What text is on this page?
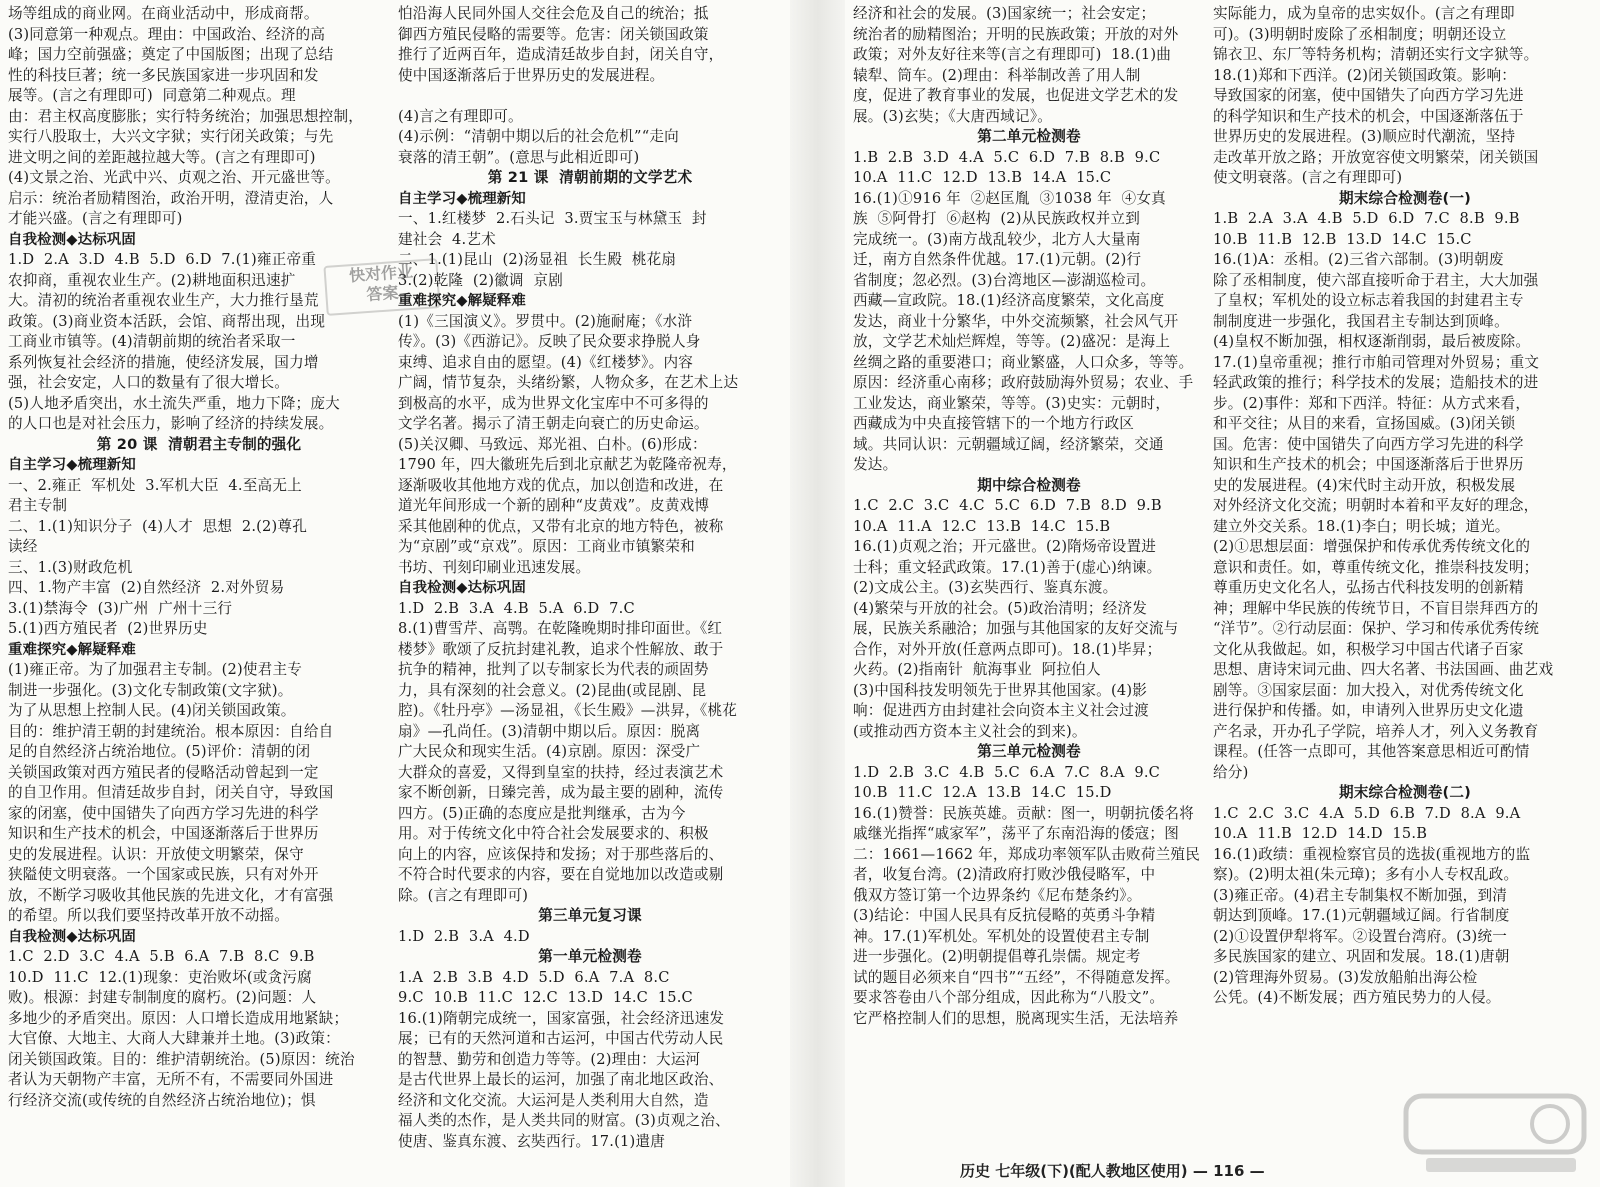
场等组成的商业网。在商业活动中，形成商帮。
(3)同意第一种观点。理由：中国政治、经济的高
峰；国力空前强盛；奠定了中国版图；出现了总结
性的科技巨著；统一多民族国家进一步巩固和发
展等。(言之有理即可)  同意第二种观点。理
由：君主权高度膨胀；实行特务统治；加强思想控制，
实行八股取士，大兴文字狱；实行闭关政策；与先
进文明之间的差距越拉越大等。(言之有理即可)
(4)文景之治、光武中兴、贞观之治、开元盛世等。
启示：统治者励精图治，政治开明，澄清吏治，人
才能兴盛。(言之有理即可)
自我检测◆达标巩固
1.D  2.A  3.D  4.B  5.D  6.D  7.(1)雍正帝重
农抑商，重视农业生产。(2)耕地面积迅速扩
大。清初的统治者重视农业生产，大力推行垦荒
政策。(3)商业资本活跃，会馆、商帮出现，出现
工商业市镇等。(4)清朝前期的统治者采取一
系列恢复社会经济的措施，使经济发展，国力增
强，社会安定，人口的数量有了很大增长。
(5)人地矛盾突出，水土流失严重，地力下降；庞大
的人口也是对社会压力，影响了经济的持续发展。
第 20 课  清朝君主专制的强化
自主学习◆梳理新知
一、2.雍正  军机处  3.军机大臣  4.至高无上
君主专制
二、1.(1)知识分子  (4)人才  思想  2.(2)尊孔
读经
三、1.(3)财政危机
四、1.物产丰富  (2)自然经济  2.对外贸易
3.(1)禁海令  (3)广州  广州十三行
5.(1)西方殖民者  (2)世界历史
重难探究◆解疑释难
(1)雍正帝。为了加强君主专制。(2)使君主专
制进一步强化。(3)文化专制政策(文字狱)。
为了从思想上控制人民。(4)闭关锁国政策。
目的：维护清王朝的封建统治。根本原因：自给自
足的自然经济占统治地位。(5)评价：清朝的闭
关锁国政策对西方殖民者的侵略活动曾起到一定
的自卫作用。但清廷故步自封，闭关自守，导致国
家的闭塞，使中国错失了向西方学习先进的科学
知识和生产技术的机会，中国逐渐落后于世界历
史的发展进程。认识：开放使文明繁荣，保守
狭隘使文明衰落。一个国家或民族，只有对外开
放，不断学习吸收其他民族的先进文化，才有富强
的希望。所以我们要坚持改革开放不动摇。
自我检测◆达标巩固
1.C  2.D  3.C  4.A  5.B  6.A  7.B  8.C  9.B
10.D  11.C  12.(1)现象：吏治败坏(或贪污腐
败)。根源：封建专制制度的腐朽。(2)问题：人
多地少的矛盾突出。原因：人口增长造成用地紧缺；
大官僚、大地主、大商人大肆兼并土地。(3)政策：
闭关锁国政策。目的：维护清朝统治。(5)原因：统治
者认为天朝物产丰富，无所不有，不需要同外国进
行经济交流(或传统的自然经济占统治地位)；惧
怕沿海人民同外国人交往会危及自己的统治；抵
御西方殖民侵略的需要等。危害：闭关锁国政策
推行了近两百年，造成清廷故步自封，闭关自守，
使中国逐渐落后于世界历史的发展进程。

(4)言之有理即可。
(4)示例：“清朝中期以后的社会危机”“走向
衰落的清王朝”。(意思与此相近即可)
第 21 课  清朝前期的文学艺术
自主学习◆梳理新知
一、1.红楼梦  2.石头记  3.贾宝玉与林黛玉  封
建社会  4.艺术
二、1.(1)昆山  (2)汤显祖  长生殿  桃花扇
3.(2)乾隆  (2)徽调  京剧
重难探究◆解疑释难
(1)《三国演义》。罗贯中。(2)施耐庵；《水浒
传》。(3)《西游记》。反映了民众要求挣脱人身
束缚、追求自由的愿望。(4)《红楼梦》。内容
广阔，情节复杂，头绪纷繁，人物众多，在艺术上达
到极高的水平，成为世界文化宝库中不可多得的
文学名著。揭示了清王朝走向衰亡的历史命运。
(5)关汉卿、马致远、郑光祖、白朴。(6)形成：
1790 年，四大徽班先后到北京献艺为乾隆帝祝寿，
逐渐吸收其他地方戏的优点，加以创造和改进，在
道光年间形成一个新的剧种“皮黄戏”。皮黄戏博
采其他剧种的优点，又带有北京的地方特色，被称
为“京剧”或“京戏”。原因：工商业市镇繁荣和
书坊、刊刻印刷业迅速发展。
自我检测◆达标巩固
1.D  2.B  3.A  4.B  5.A  6.D  7.C
8.(1)曹雪芹、高鹗。在乾隆晚期时排印面世。《红
楼梦》歌颂了反抗封建礼教，追求个性解放、敢于
抗争的精神，批判了以专制家长为代表的顽固势
力，具有深刻的社会意义。(2)昆曲(或昆剧、昆
腔)。《牡丹亭》—汤显祖，《长生殿》—洪昇，《桃花
扇》—孔尚任。(3)清朝中期以后。原因：脱离
广大民众和现实生活。(4)京剧。原因：深受广
大群众的喜爱，又得到皇室的扶持，经过表演艺术
家不断创新，日臻完善，成为最主要的剧种，流传
四方。(5)正确的态度应是批判继承，古为今
用。对于传统文化中符合社会发展要求的、积极
向上的内容，应该保持和发扬；对于那些落后的、
不符合时代要求的内容，要在自觉地加以改造或剔
除。(言之有理即可)
第三单元复习课
1.D  2.B  3.A  4.D
第一单元检测卷
1.A  2.B  3.B  4.D  5.D  6.A  7.A  8.C
9.C  10.B  11.C  12.C  13.D  14.C  15.C
16.(1)隋朝完成统一，国家富强，社会经济迅速发
展；已有的天然河道和古运河，中国古代劳动人民
的智慧、勤劳和创造力等等。(2)理由：大运河
是古代世界上最长的运河，加强了南北地区政治、
经济和文化交流。大运河是人类利用大自然，造
福人类的杰作，是人类共同的财富。(3)贞观之治、
使唐、鉴真东渡、玄奘西行。17.(1)遣唐
经济和社会的发展。(3)国家统一；社会安定；
统治者的励精图治；开明的民族政策；开放的对外
政策；对外友好往来等(言之有理即可)  18.(1)曲
辕犁、筒车。(2)理由：科举制改善了用人制
度，促进了教育事业的发展，也促进文学艺术的发
展。(3)玄奘；《大唐西域记》。
第二单元检测卷
1.B  2.B  3.D  4.A  5.C  6.D  7.B  8.B  9.C
10.A  11.C  12.D  13.B  14.A  15.C
16.(1)①916 年  ②赵匡胤  ③1038 年  ④女真
族  ⑤阿骨打  ⑥赵构  (2)从民族政权并立到
完成统一。(3)南方战乱较少，北方人大量南
迁，南方自然条件优越。17.(1)元朝。(2)行
省制度；忽必烈。(3)台湾地区—澎湖巡检司。
西藏—宣政院。18.(1)经济高度繁荣，文化高度
发达，商业十分繁华，中外交流频繁，社会风气开
放，文学艺术灿烂辉煌，等等。(2)盛况：是海上
丝绸之路的重要港口；商业繁盛，人口众多，等等。
原因：经济重心南移；政府鼓励海外贸易；农业、手
工业发达，商业繁荣，等等。(3)史实：元朝时，
西藏成为中央直接管辖下的一个地方行政区
域。共同认识：元朝疆域辽阔，经济繁荣，交通
发达。
期中综合检测卷
1.C  2.C  3.C  4.C  5.C  6.D  7.B  8.D  9.B
10.A  11.A  12.C  13.B  14.C  15.B
16.(1)贞观之治；开元盛世。(2)隋炀帝设置进
士科；重文轻武政策。17.(1)善于(虚心)纳谏。
(2)文成公主。(3)玄奘西行、鉴真东渡。
(4)繁荣与开放的社会。(5)政治清明；经济发
展，民族关系融洽；加强与其他国家的友好交流与
合作，对外开放(任意两点即可)。18.(1)毕昇；
火药。(2)指南针  航海事业  阿拉伯人
(3)中国科技发明领先于世界其他国家。(4)影
响：促进西方由封建社会向资本主义社会过渡
(或推动西方资本主义社会的到来)。
第三单元检测卷
1.D  2.B  3.C  4.B  5.C  6.A  7.C  8.A  9.C
10.B  11.C  12.A  13.B  14.C  15.D
16.(1)赞誉：民族英雄。贡献：图一，明朝抗倭名将
戚继光指挥“戚家军”，荡平了东南沿海的倭寇；图
二：1661—1662 年，郑成功率领军队击败荷兰殖民
者，收复台湾。(2)清政府打败沙俄侵略军，中
俄双方签订第一个边界条约《尼布楚条约》。
(3)结论：中国人民具有反抗侵略的英勇斗争精
神。17.(1)军机处。军机处的设置使君主专制
进一步强化。(2)明朝提倡尊孔崇儒。规定考
试的题目必须来自“四书”“五经”，不得随意发挥。
要求答卷由八个部分组成，因此称为“八股文”。
它严格控制人们的思想，脱离现实生活，无法培养
实际能力，成为皇帝的忠实奴仆。(言之有理即
可)。(3)明朝时废除了丞相制度；明朝还设立
锦衣卫、东厂等特务机构；清朝还实行文字狱等。
18.(1)郑和下西洋。(2)闭关锁国政策。影响：
导致国家的闭塞，使中国错失了向西方学习先进
的科学知识和生产技术的机会，中国逐渐落伍于
世界历史的发展进程。(3)顺应时代潮流，坚持
走改革开放之路；开放宽容使文明繁荣，闭关锁国
使文明衰落。(言之有理即可)
期末综合检测卷(一)
1.B  2.A  3.A  4.B  5.D  6.D  7.C  8.B  9.B
10.B  11.B  12.B  13.D  14.C  15.C
16.(1)A：丞相。(2)三省六部制。(3)明朝废
除了丞相制度，使六部直接听命于君主，大大加强
了皇权；军机处的设立标志着我国的封建君主专
制制度进一步强化，我国君主专制达到顶峰。
(4)皇权不断加强，相权逐渐削弱，最后被废除。
17.(1)皇帝重视；推行市舶司管理对外贸易；重文
轻武政策的推行；科学技术的发展；造船技术的进
步。(2)事件：郑和下西洋。特征：从方式来看，
和平交往；从目的来看，宣扬国威。(3)闭关锁
国。危害：使中国错失了向西方学习先进的科学
知识和生产技术的机会；中国逐渐落后于世界历
史的发展进程。(4)宋代时主动开放，积极发展
对外经济文化交流；明朝时本着和平友好的理念，
建立外交关系。18.(1)李白；明长城；道光。
(2)①思想层面：增强保护和传承优秀传统文化的
意识和责任。如，尊重传统文化，推崇科技发明；
尊重历史文化名人，弘扬古代科技发明的创新精
神；理解中华民族的传统节日，不盲目崇拜西方的
“洋节”。②行动层面：保护、学习和传承优秀传统
文化从我做起。如，积极学习中国古代诸子百家
思想、唐诗宋词元曲、四大名著、书法国画、曲艺戏
剧等。③国家层面：加大投入，对优秀传统文化
进行保护和传播。如，申请列入世界历史文化遗
产名录，开办孔子学院，培养人才，列入义务教育
课程。(任答一点即可，其他答案意思相近可酌情
给分)
期末综合检测卷(二)
1.C  2.C  3.C  4.A  5.D  6.B  7.D  8.A  9.A
10.A  11.B  12.D  14.D  15.B
16.(1)政绩：重视检察官员的选拔(重视地方的监
察)。(2)明太祖(朱元璋)；多有小人专权乱政。
(3)雍正帝。(4)君主专制集权不断加强，到清
朝达到顶峰。17.(1)元朝疆域辽阔。行省制度
(2)①设置伊犁将军。②设置台湾府。(3)统一
多民族国家的建立、巩固和发展。18.(1)唐朝
(2)管理海外贸易。(3)发放船舶出海公检
公凭。(4)不断发展；西方殖民势力的人侵。
快对作业
答案
历史 七年级(下)(配人教地区使用) — 116 —
